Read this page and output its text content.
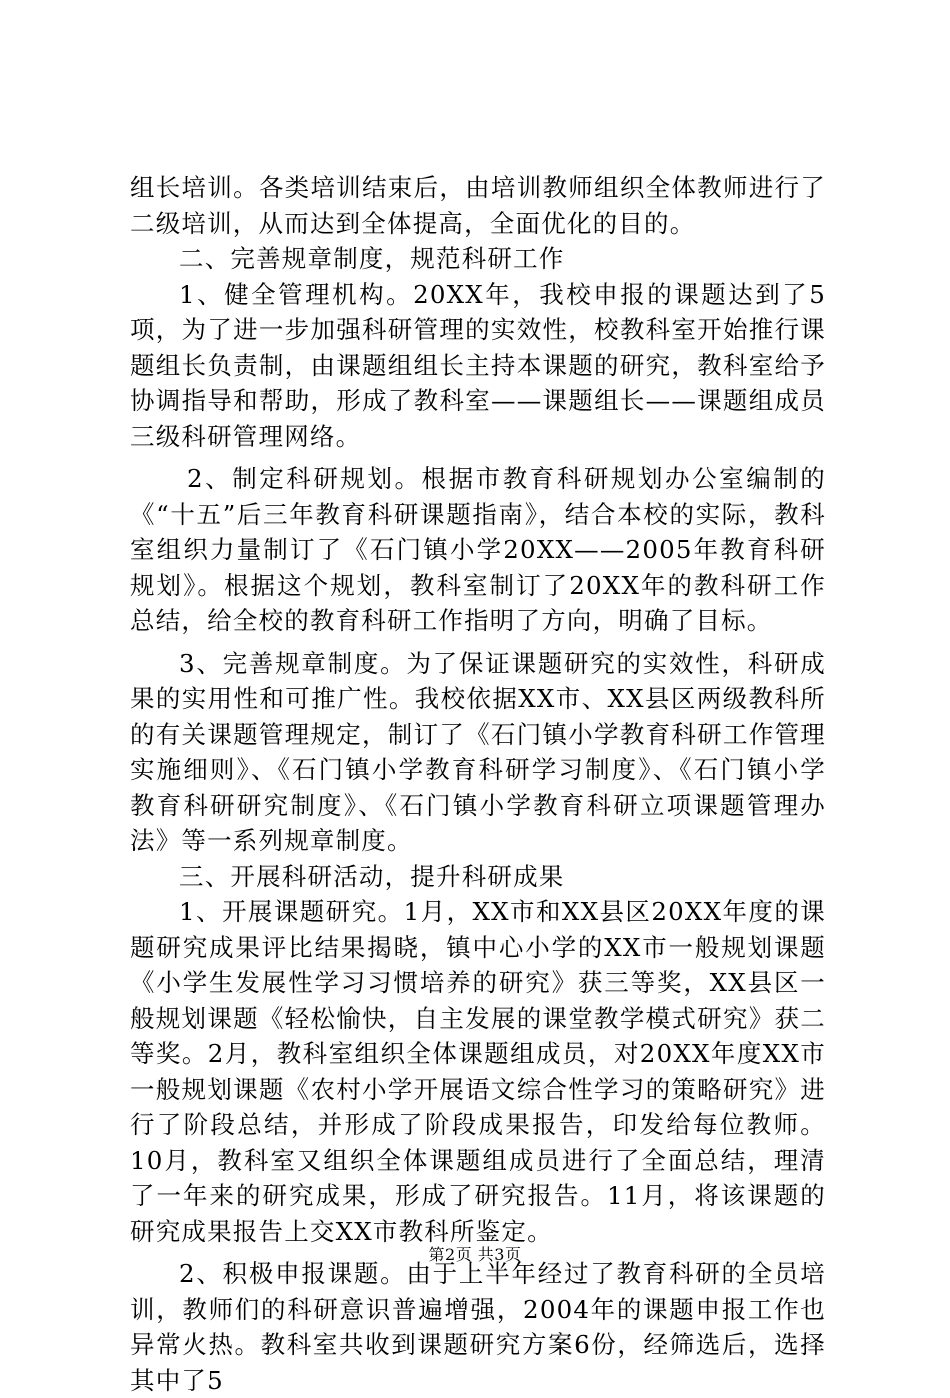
组长培训。各类培训结束后，由培训教师组织全体教师进行了二级培训，从而达到全体提高，全面优化的目的。

二、完善规章制度，规范科研工作

1、健全管理机构。20XX年，我校申报的课题达到了5项，为了进一步加强科研管理的实效性，校教科室开始推行课题组长负责制，由课题组组长主持本课题的研究，教科室给予协调指导和帮助，形成了教科室——课题组长——课题组成员三级科研管理网络。

2、制定科研规划。根据市教育科研规划办公室编制的《“十五”后三年教育科研课题指南》，结合本校的实际，教科室组织力量制订了《石门镇小学20XX——2005年教育科研规划》。根据这个规划，教科室制订了20XX年的教科研工作总结，给全校的教育科研工作指明了方向，明确了目标。

3、完善规章制度。为了保证课题研究的实效性，科研成果的实用性和可推广性。我校依据XX市、XX县区两级教科所的有关课题管理规定，制订了《石门镇小学教育科研工作管理实施细则》、《石门镇小学教育科研学习制度》、《石门镇小学教育科研研究制度》、《石门镇小学教育科研立项课题管理办法》等一系列规章制度。

三、开展科研活动，提升科研成果

1、开展课题研究。1月，XX市和XX县区20XX年度的课题研究成果评比结果揭晓，镇中心小学的XX市一般规划课题《小学生发展性学习习惯培养的研究》获三等奖，XX县区一般规划课题《轻松愉快，自主发展的课堂教学模式研究》获二等奖。2月，教科室组织全体课题组成员，对20XX年度XX市一般规划课题《农村小学开展语文综合性学习的策略研究》进行了阶段总结，并形成了阶段成果报告，印发给每位教师。10月，教科室又组织全体课题组成员进行了全面总结，理清了一年来的研究成果，形成了研究报告。11月，将该课题的研究成果报告上交XX市教科所鉴定。

2、积极申报课题。由于上半年经过了教育科研的全员培训，教师们的科研意识普遍增强，2004年的课题申报工作也异常火热。教科室共收到课题研究方案6份，经筛选后，选择其中了5

第2页 共3页
